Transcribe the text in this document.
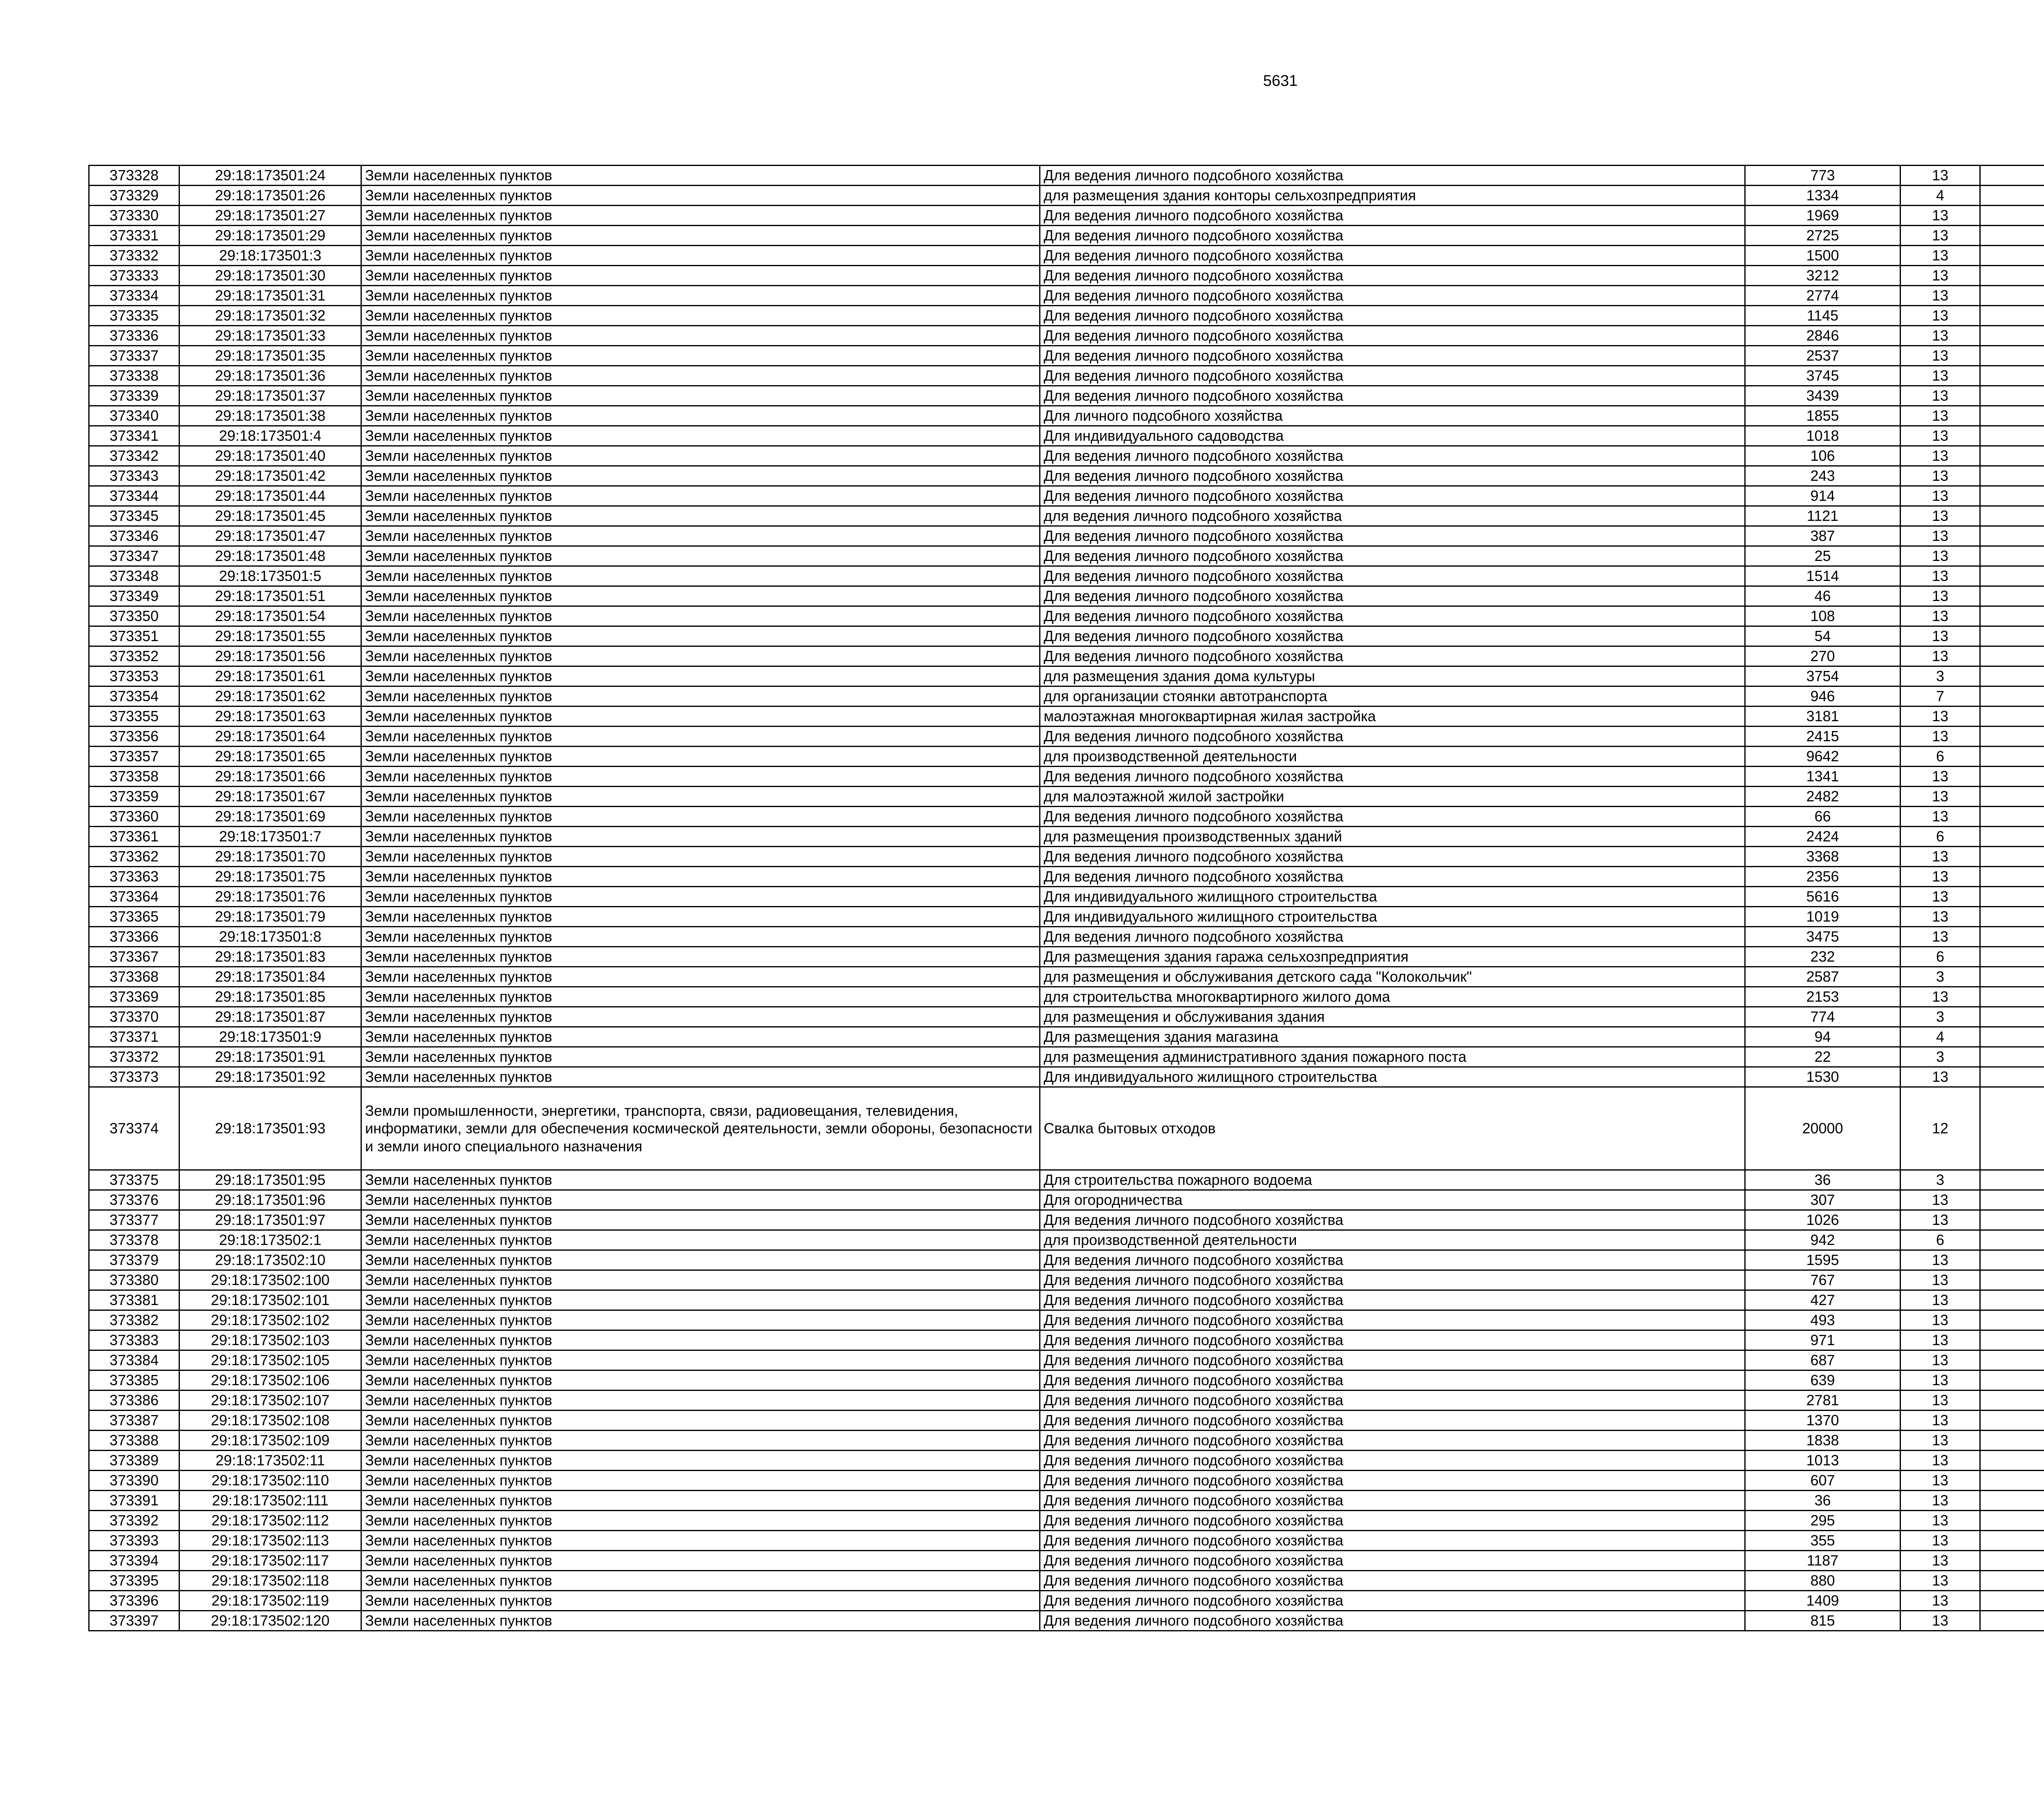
5631
373328	29:18:173501:24	Земли населенных пунктов	Для ведения личного подсобного хозяйства	773	13		
373329	29:18:173501:26	Земли населенных пунктов	для размещения здания конторы сельхозпредприятия	1334	4		
373330	29:18:173501:27	Земли населенных пунктов	Для ведения личного подсобного хозяйства	1969	13		
373331	29:18:173501:29	Земли населенных пунктов	Для ведения личного подсобного хозяйства	2725	13		
373332	29:18:173501:3	Земли населенных пунктов	Для ведения личного подсобного хозяйства	1500	13		
373333	29:18:173501:30	Земли населенных пунктов	Для ведения личного подсобного хозяйства	3212	13		
373334	29:18:173501:31	Земли населенных пунктов	Для ведения личного подсобного хозяйства	2774	13		
373335	29:18:173501:32	Земли населенных пунктов	Для ведения личного подсобного хозяйства	1145	13		
373336	29:18:173501:33	Земли населенных пунктов	Для ведения личного подсобного хозяйства	2846	13		
373337	29:18:173501:35	Земли населенных пунктов	Для ведения личного подсобного хозяйства	2537	13		
373338	29:18:173501:36	Земли населенных пунктов	Для ведения личного подсобного хозяйства	3745	13		
373339	29:18:173501:37	Земли населенных пунктов	Для ведения личного подсобного хозяйства	3439	13		
373340	29:18:173501:38	Земли населенных пунктов	Для личного подсобного хозяйства	1855	13		
373341	29:18:173501:4	Земли населенных пунктов	Для индивидуального садоводства	1018	13		
373342	29:18:173501:40	Земли населенных пунктов	Для ведения личного подсобного хозяйства	106	13		
373343	29:18:173501:42	Земли населенных пунктов	Для ведения личного подсобного хозяйства	243	13		
373344	29:18:173501:44	Земли населенных пунктов	Для ведения личного подсобного хозяйства	914	13		
373345	29:18:173501:45	Земли населенных пунктов	для ведения личного подсобного хозяйства	1121	13		
373346	29:18:173501:47	Земли населенных пунктов	Для ведения личного подсобного хозяйства	387	13		
373347	29:18:173501:48	Земли населенных пунктов	Для ведения личного подсобного хозяйства	25	13		
373348	29:18:173501:5	Земли населенных пунктов	Для ведения личного подсобного хозяйства	1514	13		
373349	29:18:173501:51	Земли населенных пунктов	Для ведения личного подсобного хозяйства	46	13		
373350	29:18:173501:54	Земли населенных пунктов	Для ведения личного подсобного хозяйства	108	13		
373351	29:18:173501:55	Земли населенных пунктов	Для ведения личного подсобного хозяйства	54	13		
373352	29:18:173501:56	Земли населенных пунктов	Для ведения личного подсобного хозяйства	270	13		
373353	29:18:173501:61	Земли населенных пунктов	для размещения здания дома культуры	3754	3		
373354	29:18:173501:62	Земли населенных пунктов	для организации стоянки автотранспорта	946	7		
373355	29:18:173501:63	Земли населенных пунктов	малоэтажная многоквартирная жилая застройка	3181	13		
373356	29:18:173501:64	Земли населенных пунктов	Для ведения личного подсобного хозяйства	2415	13		
373357	29:18:173501:65	Земли населенных пунктов	для производственной деятельности	9642	6		
373358	29:18:173501:66	Земли населенных пунктов	Для ведения личного подсобного хозяйства	1341	13		
373359	29:18:173501:67	Земли населенных пунктов	для малоэтажной жилой застройки	2482	13		
373360	29:18:173501:69	Земли населенных пунктов	Для ведения личного подсобного хозяйства	66	13		
373361	29:18:173501:7	Земли населенных пунктов	для размещения производственных зданий	2424	6		
373362	29:18:173501:70	Земли населенных пунктов	Для ведения личного подсобного хозяйства	3368	13		
373363	29:18:173501:75	Земли населенных пунктов	Для ведения личного подсобного хозяйства	2356	13		
373364	29:18:173501:76	Земли населенных пунктов	Для индивидуального жилищного строительства	5616	13		
373365	29:18:173501:79	Земли населенных пунктов	Для индивидуального жилищного строительства	1019	13		
373366	29:18:173501:8	Земли населенных пунктов	Для ведения личного подсобного хозяйства	3475	13		
373367	29:18:173501:83	Земли населенных пунктов	Для размещения здания гаража сельхозпредприятия	232	6		
373368	29:18:173501:84	Земли населенных пунктов	для размещения и обслуживания детского сада "Колокольчик"	2587	3		
373369	29:18:173501:85	Земли населенных пунктов	для строительства многоквартирного жилого дома	2153	13		
373370	29:18:173501:87	Земли населенных пунктов	для размещения и обслуживания здания	774	3		
373371	29:18:173501:9	Земли населенных пунктов	Для размещения здания магазина	94	4		
373372	29:18:173501:91	Земли населенных пунктов	для размещения административного здания пожарного поста	22	3		
373373	29:18:173501:92	Земли населенных пунктов	Для индивидуального жилищного строительства	1530	13		
373374	29:18:173501:93	Земли промышленности, энергетики, транспорта, связи, радиовещания, телевидения, информатики, земли для обеспечения космической деятельности, земли обороны, безопасности и земли иного специального назначения	Свалка бытовых отходов	20000	12		
373375	29:18:173501:95	Земли населенных пунктов	Для строительства пожарного водоема	36	3		
373376	29:18:173501:96	Земли населенных пунктов	Для огородничества	307	13		
373377	29:18:173501:97	Земли населенных пунктов	Для ведения личного подсобного хозяйства	1026	13		
373378	29:18:173502:1	Земли населенных пунктов	для производственной деятельности	942	6		
373379	29:18:173502:10	Земли населенных пунктов	Для ведения личного подсобного хозяйства	1595	13		
373380	29:18:173502:100	Земли населенных пунктов	Для ведения личного подсобного хозяйства	767	13		
373381	29:18:173502:101	Земли населенных пунктов	Для ведения личного подсобного хозяйства	427	13		
373382	29:18:173502:102	Земли населенных пунктов	Для ведения личного подсобного хозяйства	493	13		
373383	29:18:173502:103	Земли населенных пунктов	Для ведения личного подсобного хозяйства	971	13		
373384	29:18:173502:105	Земли населенных пунктов	Для ведения личного подсобного хозяйства	687	13		
373385	29:18:173502:106	Земли населенных пунктов	Для ведения личного подсобного хозяйства	639	13		
373386	29:18:173502:107	Земли населенных пунктов	Для ведения личного подсобного хозяйства	2781	13		
373387	29:18:173502:108	Земли населенных пунктов	Для ведения личного подсобного хозяйства	1370	13		
373388	29:18:173502:109	Земли населенных пунктов	Для ведения личного подсобного хозяйства	1838	13		
373389	29:18:173502:11	Земли населенных пунктов	Для ведения личного подсобного хозяйства	1013	13		
373390	29:18:173502:110	Земли населенных пунктов	Для ведения личного подсобного хозяйства	607	13		
373391	29:18:173502:111	Земли населенных пунктов	Для ведения личного подсобного хозяйства	36	13		
373392	29:18:173502:112	Земли населенных пунктов	Для ведения личного подсобного хозяйства	295	13		
373393	29:18:173502:113	Земли населенных пунктов	Для ведения личного подсобного хозяйства	355	13		
373394	29:18:173502:117	Земли населенных пунктов	Для ведения личного подсобного хозяйства	1187	13		
373395	29:18:173502:118	Земли населенных пунктов	Для ведения личного подсобного хозяйства	880	13		
373396	29:18:173502:119	Земли населенных пунктов	Для ведения личного подсобного хозяйства	1409	13		
373397	29:18:173502:120	Земли населенных пунктов	Для ведения личного подсобного хозяйства	815	13		
